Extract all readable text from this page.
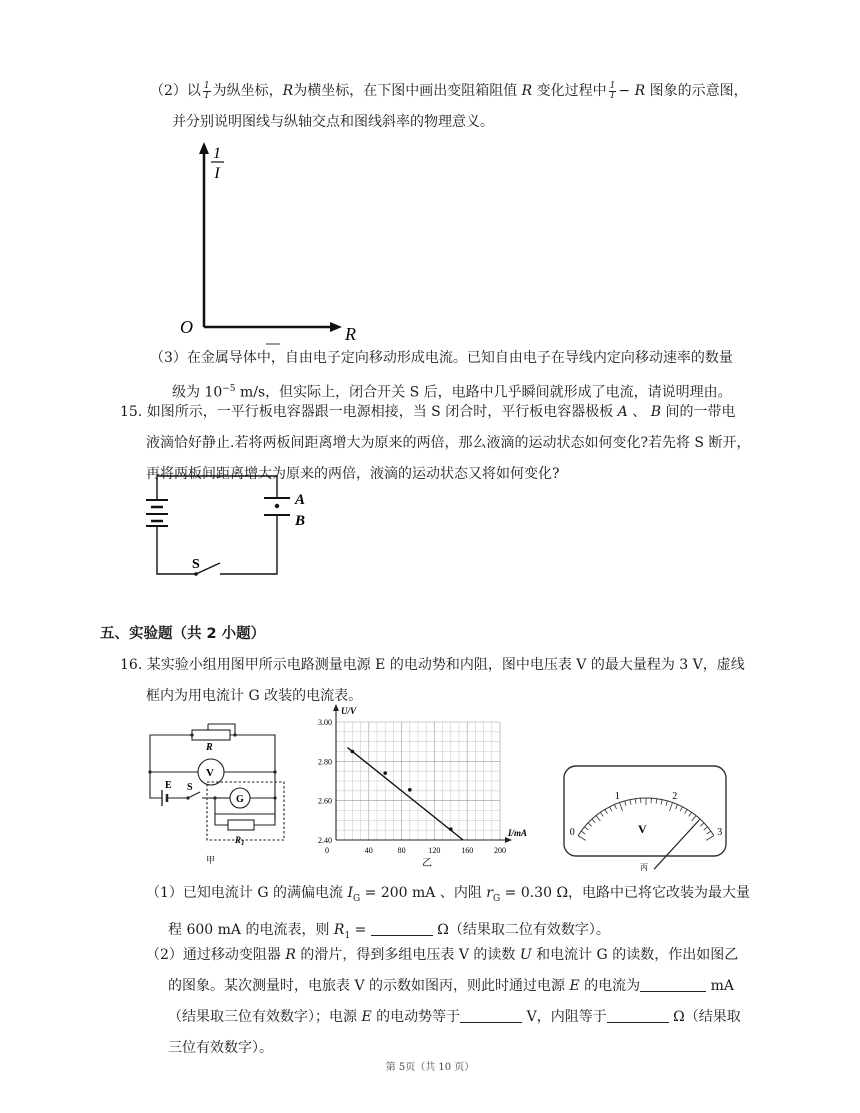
（2）以 $\frac{1}{I}$ 为纵坐标，R为横坐标，在下图中画出变阻箱阻值 R 变化过程中 $\frac{1}{I} - R$ 图象的示意图，
并分别说明图线与纵轴交点和图线斜率的物理意义。
1
I
O	R
（3）在金属导体中，自由电子定向移动形成电流。已知自由电子在导线内定向移动速率的数量
级为 $10^{-5}$ m/s，但实际上，闭合开关 S 后，电路中几乎瞬间就形成了电流，请说明理由。
15. 如图所示，一平行板电容器跟一电源相接，当 S 闭合时，平行板电容器极板 A 、 B 间的一带电
液滴恰好静止.若将两板间距离增大为原来的两倍，那么液滴的运动状态如何变化?若先将 S 断开，
再将两板间距离增大为原来的两倍，液滴的运动状态又将如何变化?
A
B
S
五、实验题（共 2 小题）
16. 某实验小组用图甲所示电路测量电源 E 的电动势和内阻，图中电压表 V 的最大量程为 3 V，虚线
框内为用电流计 G 改装的电流表。
R
V
E S
G
$R_1$
甲
40	80	120	160	200
3.00
2.80
2.60
2.40
U/V
I/mA
0
乙
0
1	2
3
V
丙
（1）已知电流计 G 的满偏电流 $I_G = 200$ mA 、内阻 $r_G = 0.30$ Ω，电路中已将它改装为最大量
程 600 mA 的电流表，则 $R_1$ =	Ω（结果取二位有效数字）。
（2）通过移动变阻器 R 的滑片，得到多组电压表 V 的读数 U 和电流计 G 的读数，作出如图乙
的图象。某次测量时，电旅表 V 的示数如图丙，则此时通过电源 E 的电流为	mA
（结果取三位有效数字）；电源 E 的电动势等于	V，内阻等于	Ω（结果取
三位有效数字）。
第 5页（共 10 页）
